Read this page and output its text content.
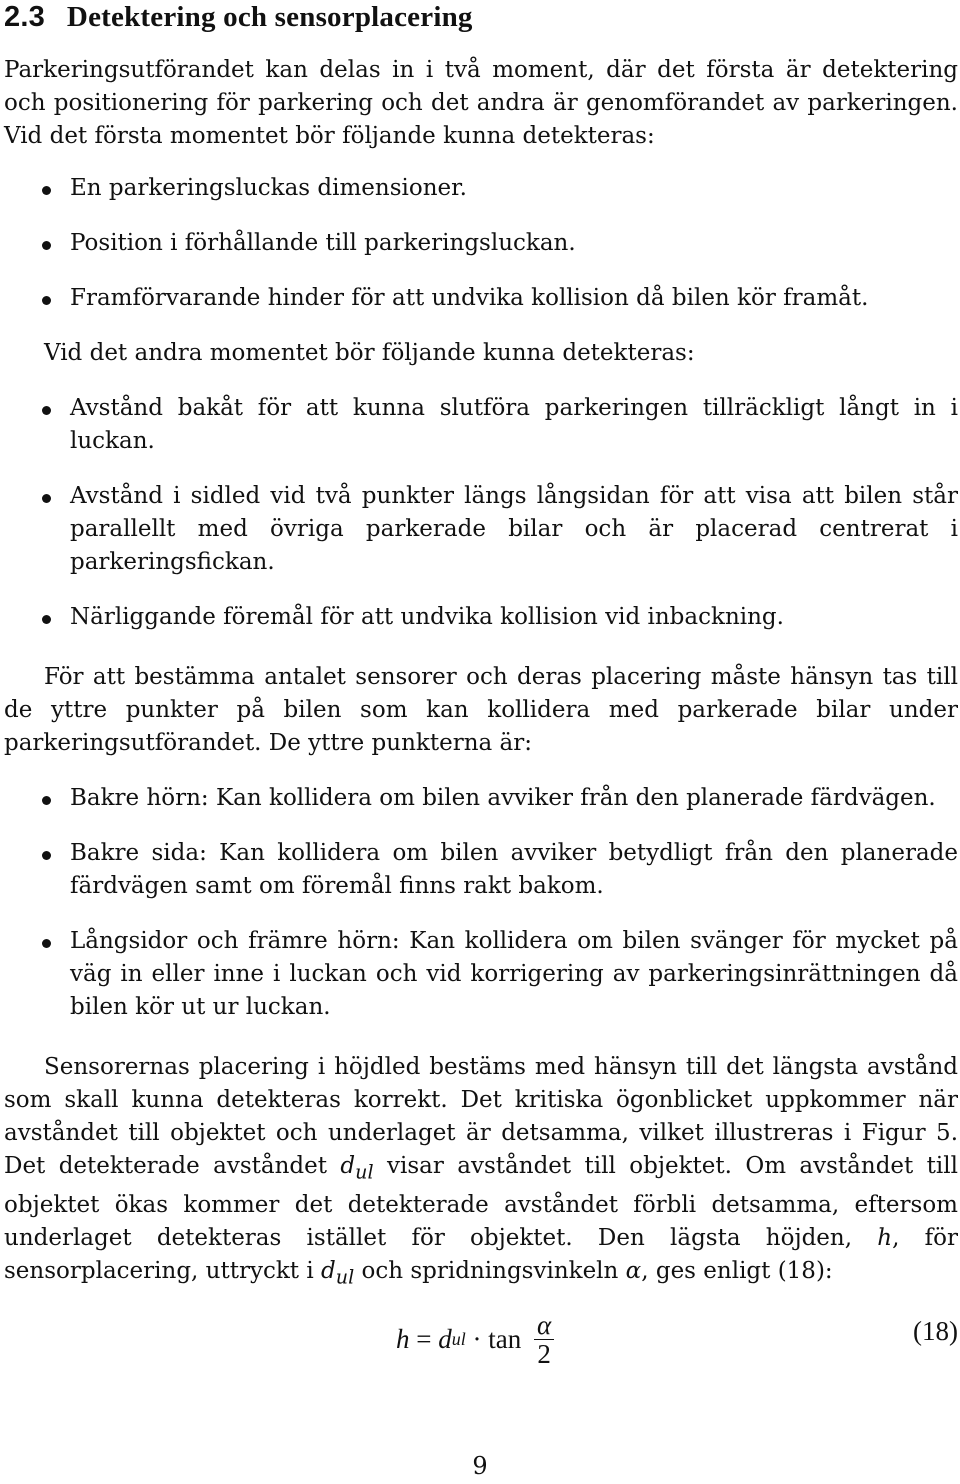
2.3 Detektering och sensorplacering

Parkeringsutförandet kan delas in i två moment, där det första är detektering och positionering för parkering och det andra är genomförandet av parkeringen. Vid det första momentet bör följande kunna detekteras:

En parkeringsluckas dimensioner.
Position i förhållande till parkeringsluckan.
Framförvarande hinder för att undvika kollision då bilen kör framåt.

Vid det andra momentet bör följande kunna detekteras:

Avstånd bakåt för att kunna slutföra parkeringen tillräckligt långt in i luckan.
Avstånd i sidled vid två punkter längs långsidan för att visa att bilen står parallellt med övriga parkerade bilar och är placerad centrerat i parkeringsfickan.
Närliggande föremål för att undvika kollision vid inbackning.

För att bestämma antalet sensorer och deras placering måste hänsyn tas till de yttre punkter på bilen som kan kollidera med parkerade bilar under parkeringsutförandet. De yttre punkterna är:

Bakre hörn: Kan kollidera om bilen avviker från den planerade färdvägen.
Bakre sida: Kan kollidera om bilen avviker betydligt från den planerade färdvägen samt om föremål finns rakt bakom.
Långsidor och främre hörn: Kan kollidera om bilen svänger för mycket på väg in eller inne i luckan och vid korrigering av parkeringsinrättningen då bilen kör ut ur luckan.

Sensorernas placering i höjdled bestäms med hänsyn till det längsta avstånd som skall kunna detekteras korrekt. Det kritiska ögonblicket uppkommer när avståndet till objektet och underlaget är detsamma, vilket illustreras i Figur 5. Det detekterade avståndet $d_{ul}$ visar avståndet till objektet. Om avståndet till objektet ökas kommer det detekterade avståndet förbli detsamma, eftersom underlaget detekteras istället för objektet. Den lägsta höjden, h, för sensorplacering, uttryckt i $d_{ul}$ och spridningsvinkeln α, ges enligt (18):

h = d ul · $\tan \frac{\alpha}{2}$	(18)
9
